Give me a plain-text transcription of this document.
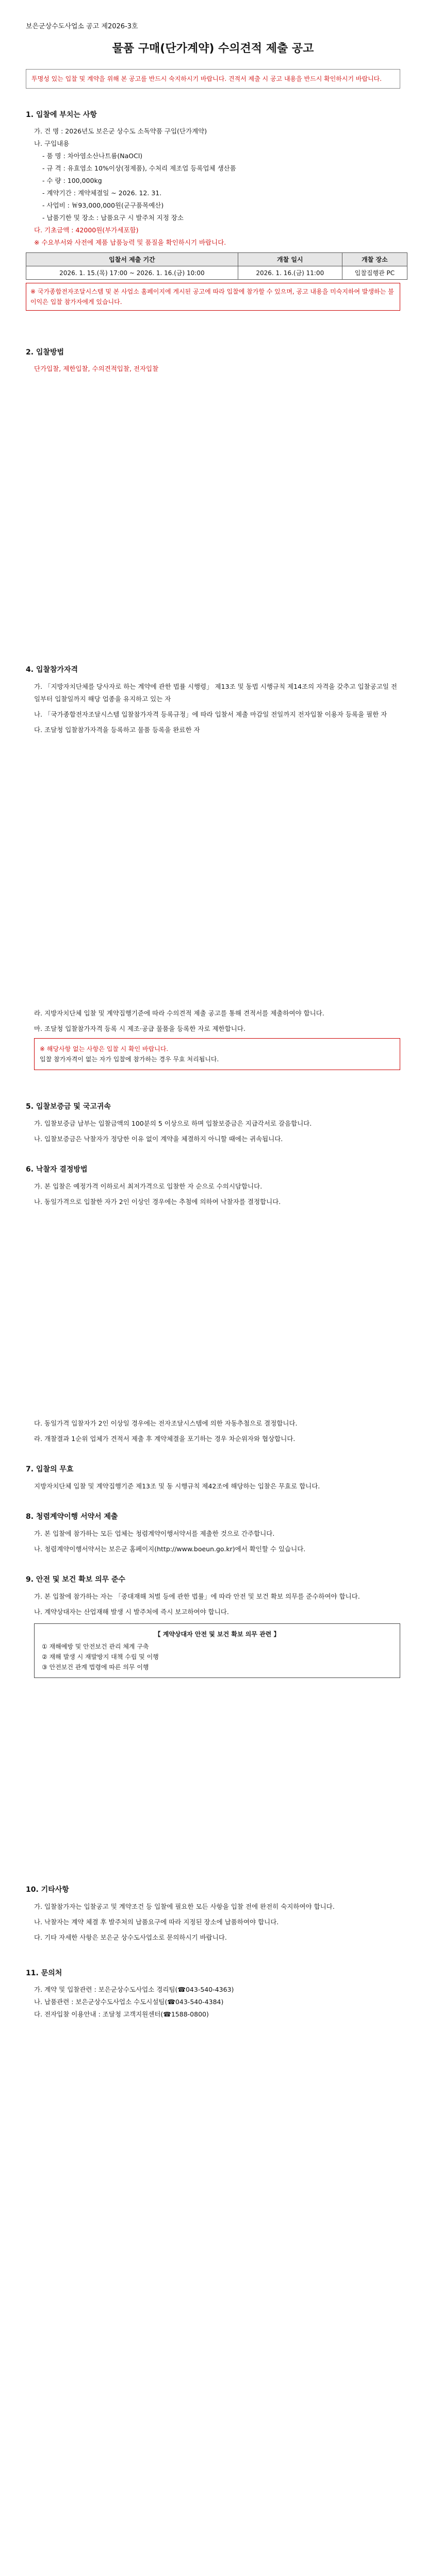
보은군상수도사업소 공고 제2026-3호
물품 구매(단가계약) 수의견적 제출 공고
투명성 있는 입찰 및 계약을 위해 본 공고를 반드시 숙지하시기 바랍니다. 견적서 제출 시 공고 내용을 반드시 확인하시기 바랍니다.
1. 입찰에 부치는 사항
가. 건 명 : 2026년도 보은군 상수도 소독약품 구입(단가계약)
나. 구입내용
- 품 명 : 차아염소산나트륨(NaOCl)
- 규 격 : 유효염소 10%이상(정제품), 수처리 제조업 등록업체 생산품
- 수 량 : 100,000kg
- 계약기간 : 계약체결일 ~ 2026. 12. 31.
- 사업비 : ￦93,000,000원(군구품목예산)
- 납품기한 및 장소 : 납품요구 시 발주처 지정 장소
다. 기초금액 : 42000원(부가세포함)
※ 수요부서와 사전에 제품 납품능력 및 품질을 확인하시기 바랍니다.
입찰서 제출 기간	개찰 일시	개찰 장소
2026. 1. 15.(목) 17:00 ~ 2026. 1. 16.(금) 10:00	2026. 1. 16.(금) 11:00	입찰집행관 PC
※ 국가종합전자조달시스템 및 본 사업소 홈페이지에 게시된 공고에 따라 입찰에 참가할 수 있으며, 공고 내용을 미숙지하여 발생하는 불이익은 입찰 참가자에게 있습니다.
2. 입찰방법
단가입찰, 제한입찰, 수의견적입찰, 전자입찰
4. 입찰참가자격
가. 「지방자치단체를 당사자로 하는 계약에 관한 법률 시행령」 제13조 및 동법 시행규칙 제14조의 자격을 갖추고 입찰공고일 전일부터 입찰일까지 해당 업종을 유지하고 있는 자
나. 「국가종합전자조달시스템 입찰참가자격 등록규정」에 따라 입찰서 제출 마감일 전일까지 전자입찰 이용자 등록을 필한 자
다. 조달청 입찰참가자격을 등록하고 물품 등록을 완료한 자
라. 지방자치단체 입찰 및 계약집행기준에 따라 수의견적 제출 공고를 통해 견적서를 제출하여야 합니다.
마. 조달청 입찰참가자격 등록 시 제조·공급 물품을 등록한 자로 제한합니다.
※ 해당사항 없는 사항은 입찰 시 확인 바랍니다.
입찰 참가자격이 없는 자가 입찰에 참가하는 경우 무효 처리됩니다.
5. 입찰보증금 및 국고귀속
가. 입찰보증금 납부는 입찰금액의 100분의 5 이상으로 하며 입찰보증금은 지급각서로 갈음합니다.
나. 입찰보증금은 낙찰자가 정당한 이유 없이 계약을 체결하지 아니할 때에는 귀속됩니다.
6. 낙찰자 결정방법
가. 본 입찰은 예정가격 이하로서 최저가격으로 입찰한 자 순으로 수의시담합니다.
나. 동일가격으로 입찰한 자가 2인 이상인 경우에는 추첨에 의하여 낙찰자를 결정합니다.
다. 동일가격 입찰자가 2인 이상일 경우에는 전자조달시스템에 의한 자동추첨으로 결정합니다.
라. 개찰결과 1순위 업체가 견적서 제출 후 계약체결을 포기하는 경우 차순위자와 협상합니다.
7. 입찰의 무효
지방자치단체 입찰 및 계약집행기준 제13조 및 동 시행규칙 제42조에 해당하는 입찰은 무효로 합니다.
8. 청렴계약이행 서약서 제출
가. 본 입찰에 참가하는 모든 업체는 청렴계약이행서약서를 제출한 것으로 간주합니다.
나. 청렴계약이행서약서는 보은군 홈페이지(http://www.boeun.go.kr)에서 확인할 수 있습니다.
9. 안전 및 보건 확보 의무 준수
가. 본 입찰에 참가하는 자는 「중대재해 처벌 등에 관한 법률」에 따라 안전 및 보건 확보 의무를 준수하여야 합니다.
나. 계약상대자는 산업재해 발생 시 발주처에 즉시 보고하여야 합니다.
【 계약상대자 안전 및 보건 확보 의무 관련 】
① 재해예방 및 안전보건 관리 체계 구축
② 재해 발생 시 재발방지 대책 수립 및 이행
③ 안전보건 관계 법령에 따른 의무 이행
10. 기타사항
가. 입찰참가자는 입찰공고 및 계약조건 등 입찰에 필요한 모든 사항을 입찰 전에 완전히 숙지하여야 합니다.
나. 낙찰자는 계약 체결 후 발주처의 납품요구에 따라 지정된 장소에 납품하여야 합니다.
다. 기타 자세한 사항은 보은군 상수도사업소로 문의하시기 바랍니다.
11. 문의처
가. 계약 및 입찰관련 : 보은군상수도사업소 경리팀(☎043-540-4363)
나. 납품관련 : 보은군상수도사업소 수도시설팀(☎043-540-4384)
다. 전자입찰 이용안내 : 조달청 고객지원센터(☎1588-0800)
